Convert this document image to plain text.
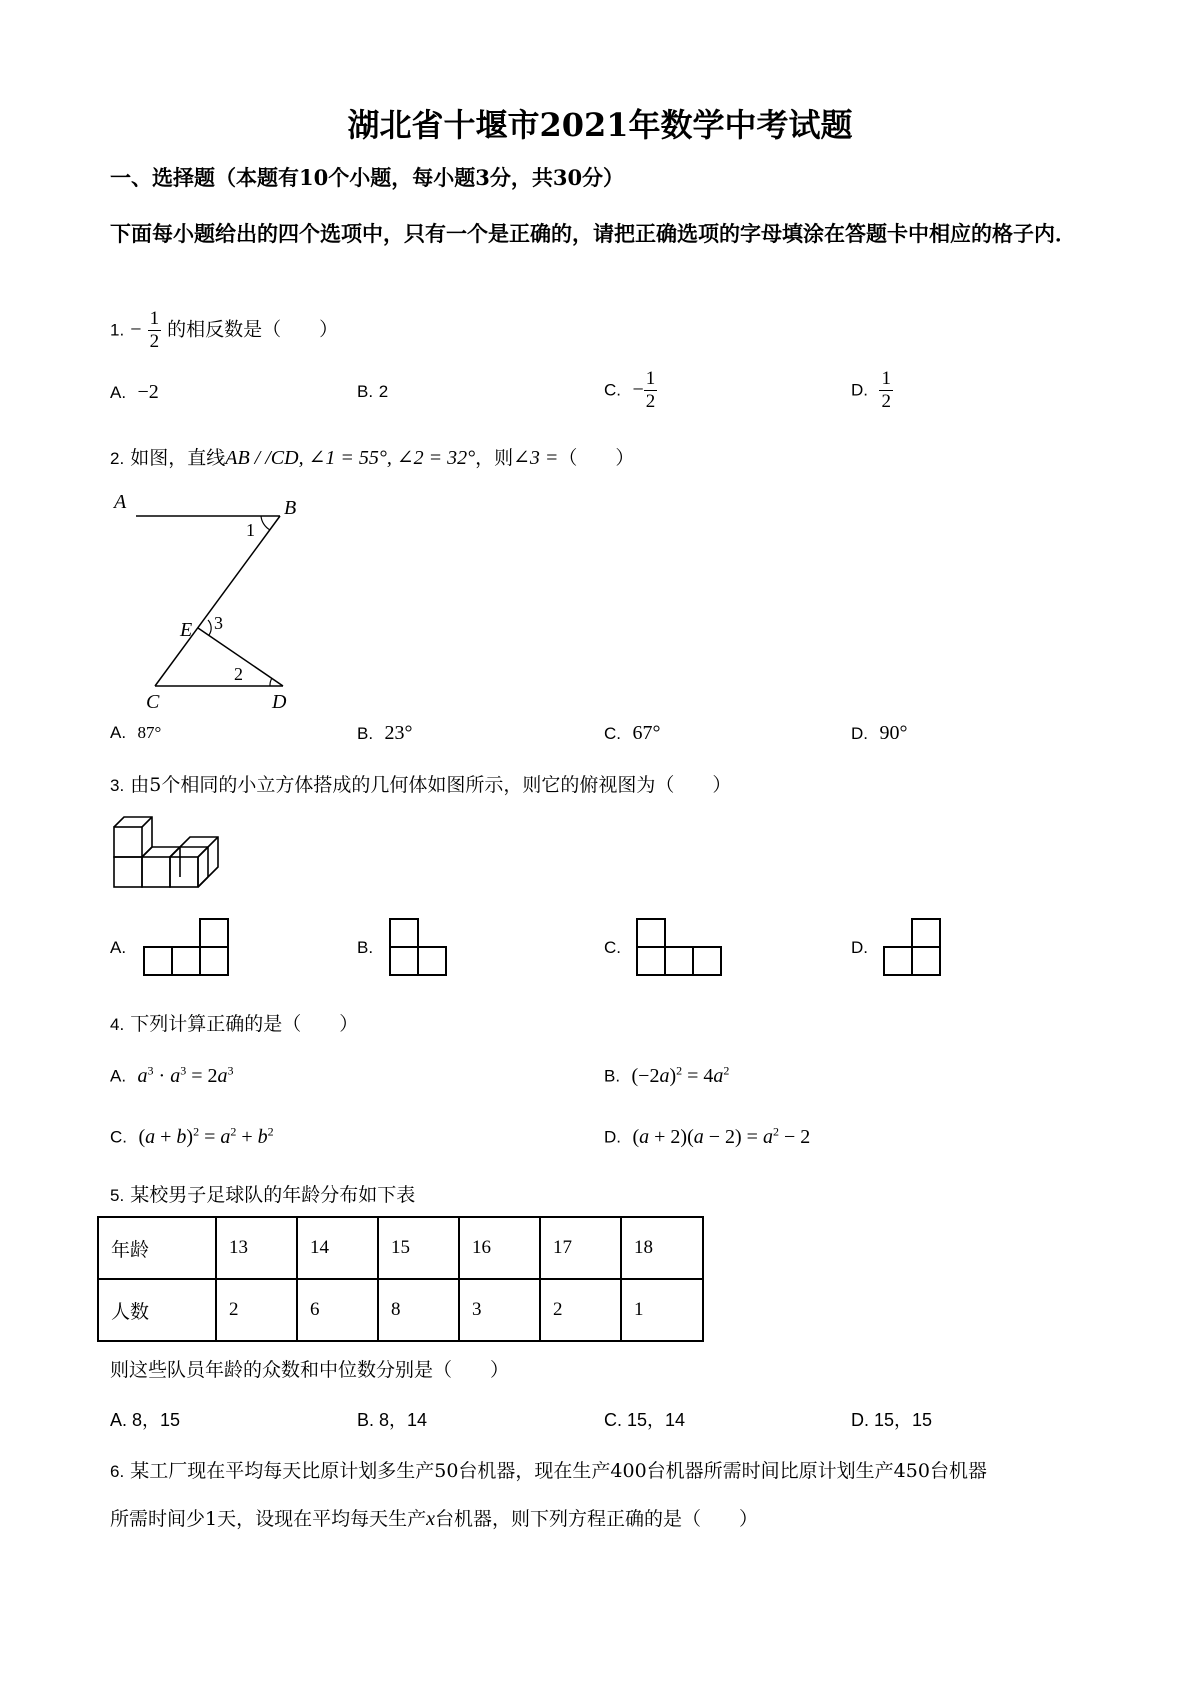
湖北省十堰市2021年数学中考试题
一、选择题（本题有10个小题，每小题3分，共30分）
下面每小题给出的四个选项中，只有一个是正确的，请把正确选项的字母填涂在答题卡中相应的格子内．
1. − $\frac{1}{2}$ 的相反数是（　　）
A. −2	B. 2	C. − $\frac{1}{2}$	D. $\frac{1}{2}$
2. 如图，直线AB / /CD, ∠1 = 55°, ∠2 = 32°，则∠3 =（　　）
A	B
C	D
E
1
3
2
A. 87°	B. 23°	C. 67°	D. 90°
3. 由5个相同的小立方体搭成的几何体如图所示，则它的俯视图为（　　）
A.	B.	C.	D.
4. 下列计算正确的是（　　）
A. $a^3 \cdot a^3 = 2a^3$	B. $(-2a)^2 = 4a^2$
C. $(a + b)^2 = a^2 + b^2$	D. $(a + 2)(a - 2) = a^2 - 2$
5. 某校男子足球队的年龄分布如下表
年龄	13	14	15	16	17	18
人数	2	6	8	3	2	1
则这些队员年龄的众数和中位数分别是（　　）
A. 8，15	B. 8，14	C. 15，14	D. 15，15
6. 某工厂现在平均每天比原计划多生产50台机器，现在生产400台机器所需时间比原计划生产450台机器
所需时间少1天，设现在平均每天生产x台机器，则下列方程正确的是（　　）
